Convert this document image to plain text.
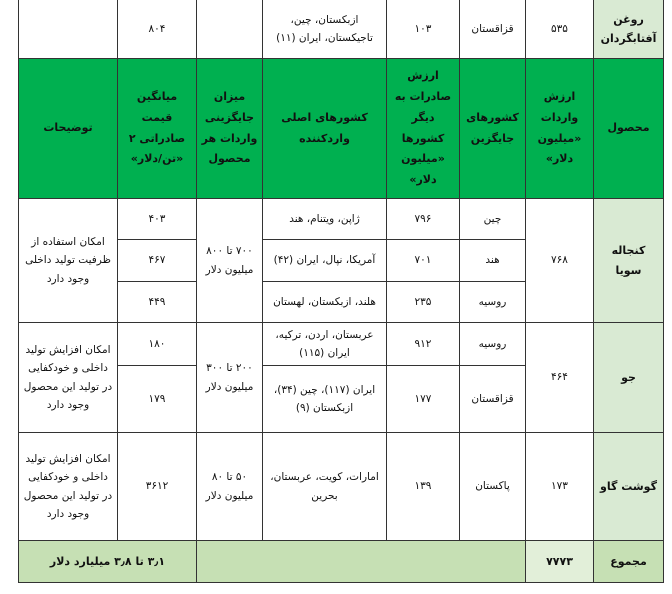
روغن آفتابگردان	۵۳۵	قزاقستان	۱۰۳	ازبکستان، چین، تاجیکستان، ایران (۱۱)		۸۰۴	
محصول	ارزش واردات «میلیون دلار»	کشورهای جایگزین	ارزش صادرات به دیگر کشورها «میلیون دلار»	کشورهای اصلی واردکننده	میزان جایگزینی واردات هر محصول	میانگین قیمت صادراتی ۲ «تن/دلار»	توضیحات
کنجاله سویا	۷۶۸	چین	۷۹۶	ژاپن، ویتنام، هند	۷۰۰ تا ۸۰۰ میلیون دلار	۴۰۳	امکان استفاده از ظرفیت تولید داخلی وجود دارد
		هند	۷۰۱	آمریکا، نپال، ایران (۴۲)		۴۶۷	
		روسیه	۲۳۵	هلند، ازبکستان، لهستان		۴۴۹	
جو	۴۶۴	روسیه	۹۱۲	عربستان، اردن، ترکیه، ایران (۱۱۵)	۲۰۰ تا ۳۰۰ میلیون دلار	۱۸۰	امکان افزایش تولید داخلی و خودکفایی در تولید این محصول وجود دارد
		قزاقستان	۱۷۷	ایران (۱۱۷)، چین (۳۴)، ازبکستان (۹)		۱۷۹	
گوشت گاو	۱۷۳	پاکستان	۱۳۹	امارات، کویت، عربستان، بحرین	۵۰ تا ۸۰ میلیون دلار	۳۶۱۲	امکان افزایش تولید داخلی و خودکفایی در تولید این محصول وجود دارد
مجموع	۷۷۷۳					۳٫۱ تا ۳٫۸ میلیارد دلار	
